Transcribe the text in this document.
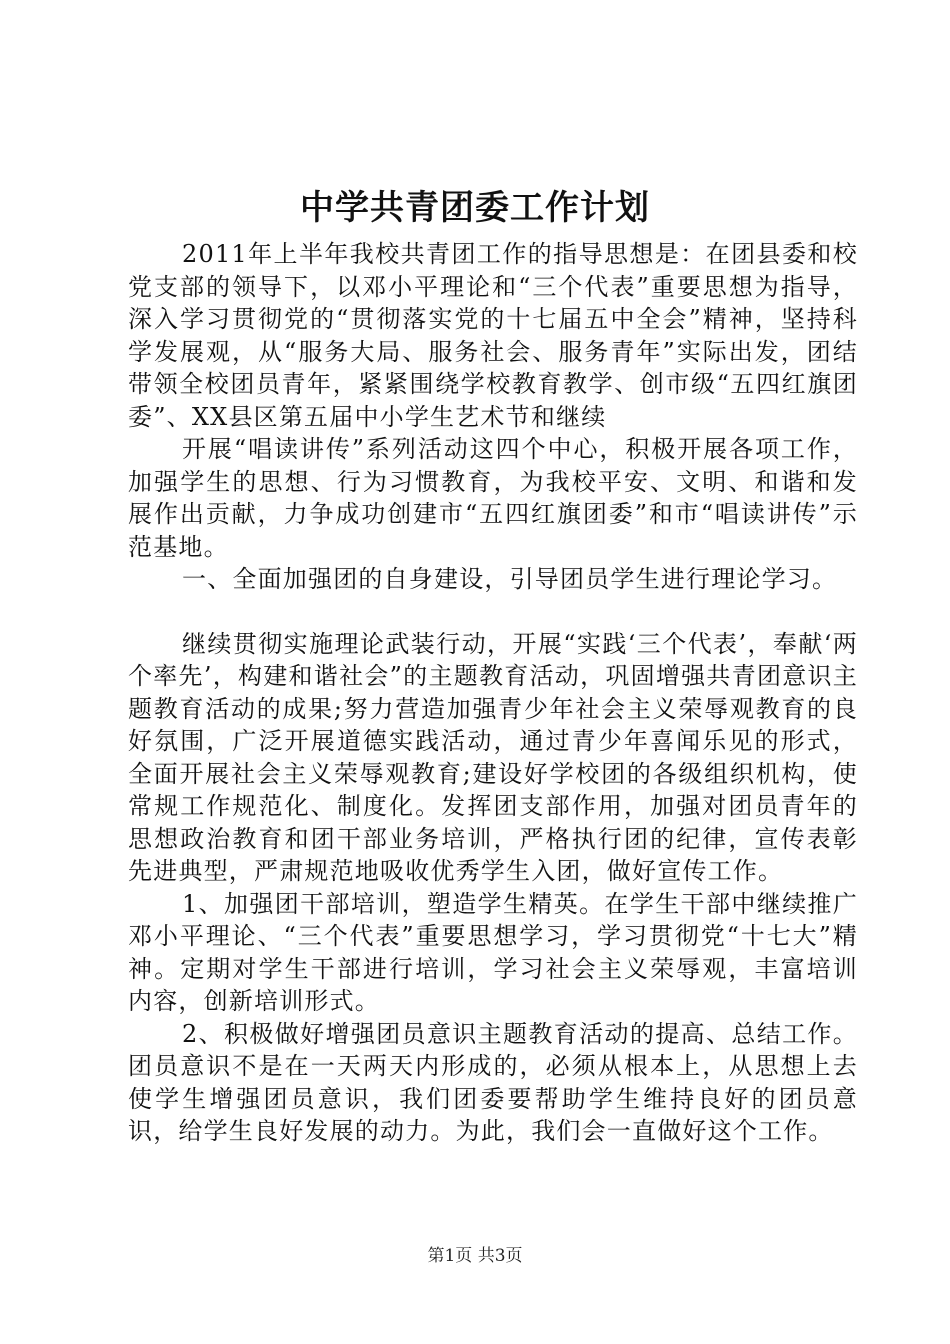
中学共青团委工作计划

2011年上半年我校共青团工作的指导思想是：在团县委和校党支部的领导下，以邓小平理论和“三个代表”重要思想为指导，深入学习贯彻党的“贯彻落实党的十七届五中全会”精神，坚持科学发展观，从“服务大局、服务社会、服务青年”实际出发，团结带领全校团员青年，紧紧围绕学校教育教学、创市级“五四红旗团委”、XX县区第五届中小学生艺术节和继续

开展“唱读讲传”系列活动这四个中心，积极开展各项工作，加强学生的思想、行为习惯教育，为我校平安、文明、和谐和发展作出贡献，力争成功创建市“五四红旗团委”和市“唱读讲传”示范基地。

一、全面加强团的自身建设，引导团员学生进行理论学习。

继续贯彻实施理论武装行动，开展“实践‘三个代表’，奉献‘两个率先’，构建和谐社会”的主题教育活动，巩固增强共青团意识主题教育活动的成果;努力营造加强青少年社会主义荣辱观教育的良好氛围，广泛开展道德实践活动，通过青少年喜闻乐见的形式，全面开展社会主义荣辱观教育;建设好学校团的各级组织机构，使常规工作规范化、制度化。发挥团支部作用，加强对团员青年的思想政治教育和团干部业务培训，严格执行团的纪律，宣传表彰先进典型，严肃规范地吸收优秀学生入团，做好宣传工作。

1、加强团干部培训，塑造学生精英。在学生干部中继续推广邓小平理论、“三个代表”重要思想学习，学习贯彻党“十七大”精神。定期对学生干部进行培训，学习社会主义荣辱观，丰富培训内容，创新培训形式。

2、积极做好增强团员意识主题教育活动的提高、总结工作。团员意识不是在一天两天内形成的，必须从根本上，从思想上去使学生增强团员意识，我们团委要帮助学生维持良好的团员意识，给学生良好发展的动力。为此，我们会一直做好这个工作。

第1页 共3页
